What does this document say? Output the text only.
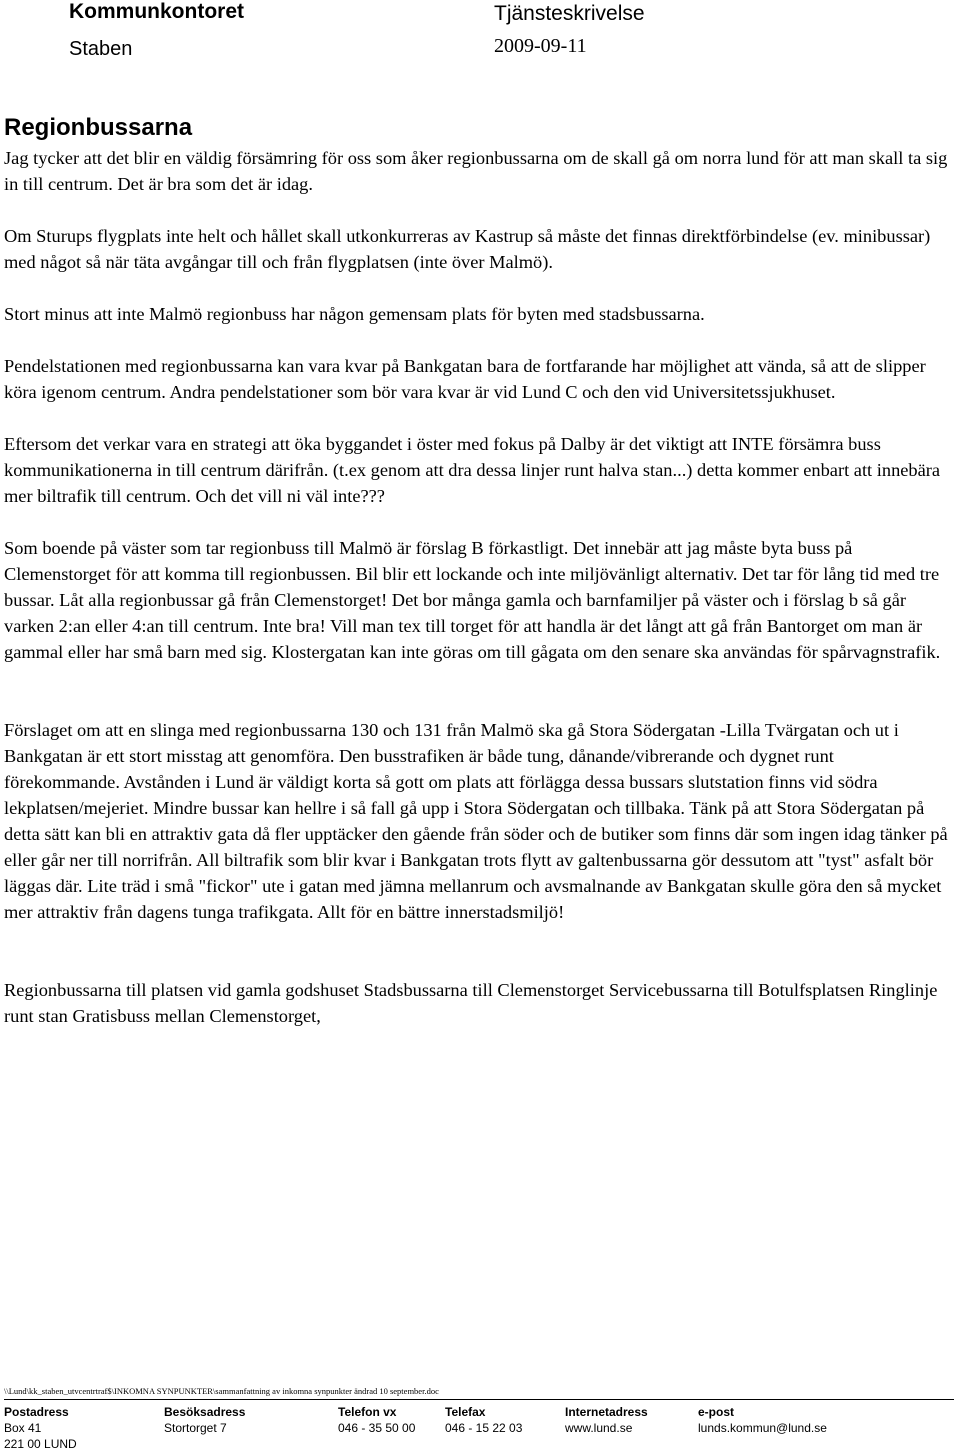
Kommunkontoret
Staben
Tjänsteskrivelse
2009-09-11
Regionbussarna

Jag tycker att det blir en väldig försämring för oss som åker regionbussarna om de skall gå om norra lund för att man skall ta sig in till centrum. Det är bra som det är idag.

Om Sturups flygplats inte helt och hållet skall utkonkurreras av Kastrup så måste det finnas direktförbindelse (ev. minibussar) med något så när täta avgångar till och från flygplatsen (inte över Malmö).

Stort minus att inte Malmö regionbuss har någon gemensam plats för byten med stadsbussarna.

Pendelstationen med regionbussarna kan vara kvar på Bankgatan bara de fortfarande har möjlighet att vända, så att de slipper köra igenom centrum. Andra pendelstationer som bör vara kvar är vid Lund C och den vid Universitetssjukhuset.

Eftersom det verkar vara en strategi att öka byggandet i öster med fokus på Dalby är det viktigt att INTE försämra buss kommunikationerna in till centrum därifrån. (t.ex genom att dra dessa linjer runt halva stan...) detta kommer enbart att innebära mer biltrafik till centrum. Och det vill ni väl inte???

Som boende på väster som tar regionbuss till Malmö är förslag B förkastligt. Det innebär att jag måste byta buss på Clemenstorget för att komma till regionbussen. Bil blir ett lockande och inte miljövänligt alternativ. Det tar för lång tid med tre bussar. Låt alla regionbussar gå från Clemenstorget! Det bor många gamla och barnfamiljer på väster och i förslag b så går varken 2:an eller 4:an till centrum. Inte bra! Vill man tex till torget för att handla är det långt att gå från Bantorget om man är gammal eller har små barn med sig. Klostergatan kan inte göras om till gågata om den senare ska användas för spårvagnstrafik.

Förslaget om att en slinga med regionbussarna 130 och 131 från Malmö ska gå Stora Södergatan -Lilla Tvärgatan och ut i Bankgatan är ett stort misstag att genomföra. Den busstrafiken är både tung, dånande/vibrerande och dygnet runt förekommande. Avstånden i Lund är väldigt korta så gott om plats att förlägga dessa bussars slutstation finns vid södra lekplatsen/mejeriet. Mindre bussar kan hellre i så fall gå upp i Stora Södergatan och tillbaka. Tänk på att Stora Södergatan på detta sätt kan bli en attraktiv gata då fler upptäcker den gående från söder och de butiker som finns där som ingen idag tänker på eller går ner till norrifrån. All biltrafik som blir kvar i Bankgatan trots flytt av galtenbussarna gör dessutom att "tyst" asfalt bör läggas där. Lite träd i små "fickor" ute i gatan med jämna mellanrum och avsmalnande av Bankgatan skulle göra den så mycket mer attraktiv från dagens tunga trafikgata. Allt för en bättre innerstadsmiljö!

Regionbussarna till platsen vid gamla godshuset Stadsbussarna till Clemenstorget Servicebussarna till Botulfsplatsen Ringlinje runt stan Gratisbuss mellan Clemenstorget,

\\Lund\kk_staben_utvcentrtraf$\INKOMNA SYNPUNKTER\sammanfattning av inkomna synpunkter ändrad 10 september.doc
Postadress
Box 41
221 00 LUND
Besöksadress
Stortorget 7
Telefon vx
046 - 35 50 00
Telefax
046 - 15 22 03
Internetadress
www.lund.se
e-post
lunds.kommun@lund.se
